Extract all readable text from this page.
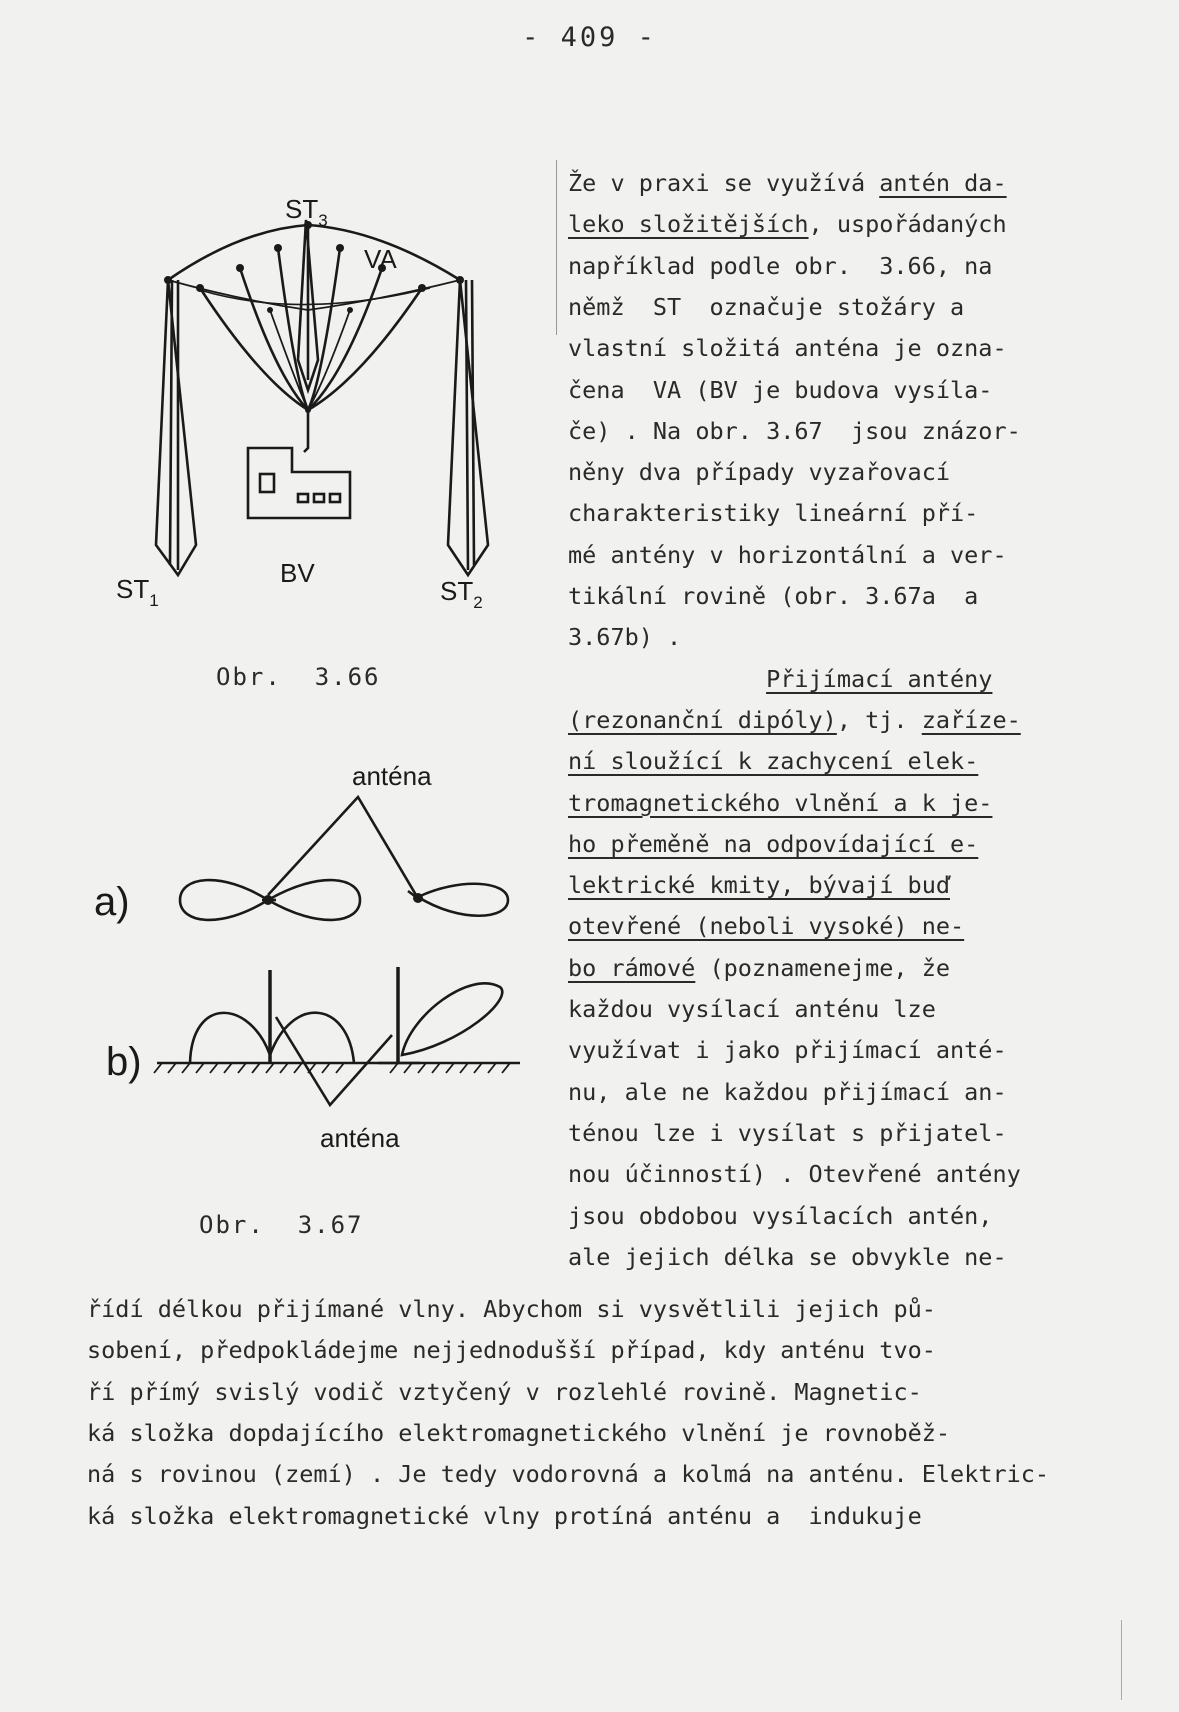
- 409 -
$ST_3$
VA
$ST_1$
BV
$ST_2$
Obr.  3.66
anténa
a)
b)
anténa
Obr.  3.67
Že v praxi se využívá antén da-
leko složitějších, uspořádaných
například podle obr.  3.66, na
němž  ST  označuje stožáry a
vlastní složitá anténa je ozna-
čena  VA (BV je budova vysíla-
če) . Na obr. 3.67  jsou znázor-
něny dva případy vyzařovací
charakteristiky lineární pří-
mé antény v horizontální a ver-
tikální rovině (obr. 3.67a  a
3.67b) .
Přijímací antény
(rezonanční dipóly), tj. zaříze-
ní sloužící k zachycení elek-
tromagnetického vlnění a k je-
ho přeměně na odpovídající e-
lektrické kmity, bývají buď
otevřené (neboli vysoké) ne-
bo rámové (poznamenejme, že
každou vysílací anténu lze
využívat i jako přijímací anté-
nu, ale ne každou přijímací an-
ténou lze i vysílat s přijatel-
nou účinností) . Otevřené antény
jsou obdobou vysílacích antén,
ale jejich délka se obvykle ne-
řídí délkou přijímané vlny. Abychom si vysvětlili jejich pů-
sobení, předpokládejme nejjednodušší případ, kdy anténu tvo-
ří přímý svislý vodič vztyčený v rozlehlé rovině. Magnetic-
ká složka dopdajícího elektromagnetického vlnění je rovnoběž-
ná s rovinou (zemí) . Je tedy vodorovná a kolmá na anténu. Elektric-
ká složka elektromagnetické vlny protíná anténu a  indukuje
